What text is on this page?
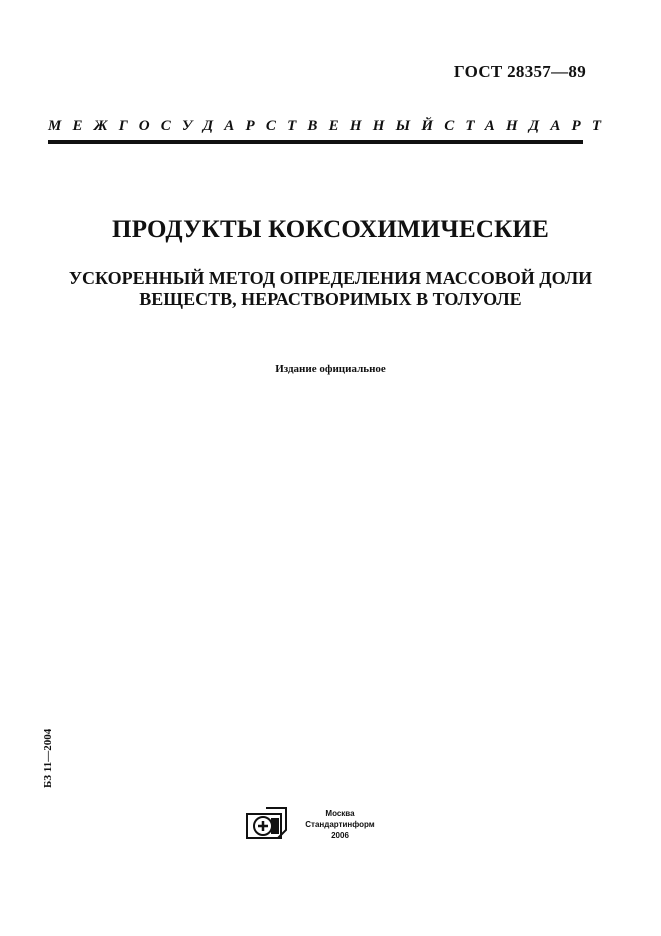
ГОСТ 28357—89
МЕЖГОСУДАРСТВЕННЫЙ СТАНДАРТ
ПРОДУКТЫ КОКСОХИМИЧЕСКИЕ
УСКОРЕННЫЙ МЕТОД ОПРЕДЕЛЕНИЯ МАССОВОЙ ДОЛИ
ВЕЩЕСТВ, НЕРАСТВОРИМЫХ В ТОЛУОЛЕ
Издание официальное
БЗ 11—2004
Москва
Стандартинформ
2006
